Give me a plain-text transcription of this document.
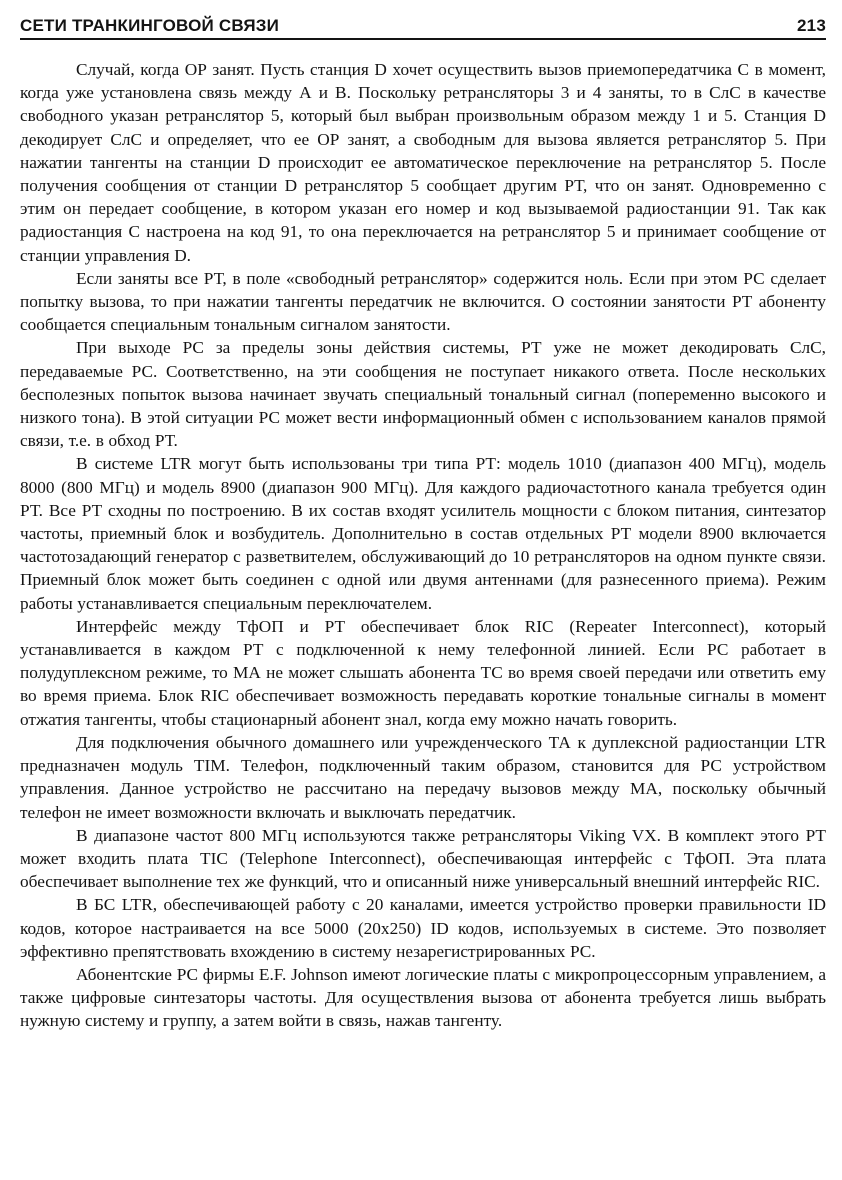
СЕТИ ТРАНКИНГОВОЙ СВЯЗИ	213

Случай, когда ОР занят. Пусть станция D хочет осуществить вызов приемопередатчика С в момент, когда уже установлена связь между А и В. Поскольку ретрансляторы 3 и 4 заняты, то в СлС в качестве свободного указан ретранслятор 5, который был выбран произвольным образом между 1 и 5. Станция D декодирует СлС и определяет, что ее ОР занят, а свободным для вызова является ретранслятор 5. При нажатии тангенты на станции D происходит ее автоматическое переключение на ретранслятор 5. После получения сообщения от станции D ретранслятор 5 сообщает другим РТ, что он занят. Одновременно с этим он передает сообщение, в котором указан его номер и код вызываемой радиостанции 91. Так как радиостанция С настроена на код 91, то она переключается на ретранслятор 5 и принимает сообщение от станции управления D.

Если заняты все РТ, в поле «свободный ретранслятор» содержится ноль. Если при этом РС сделает попытку вызова, то при нажатии тангенты передатчик не включится. О состоянии занятости РТ абоненту сообщается специальным тональным сигналом занятости.

При выходе РС за пределы зоны действия системы, РТ уже не может декодировать СлС, передаваемые РС. Соответственно, на эти сообщения не поступает никакого ответа. После нескольких бесполезных попыток вызова начинает звучать специальный тональный сигнал (попеременно высокого и низкого тона). В этой ситуации РС может вести информационный обмен с использованием каналов прямой связи, т.е. в обход РТ.

В системе LTR могут быть использованы три типа РТ: модель 1010 (диапазон 400 МГц), модель 8000 (800 МГц) и модель 8900 (диапазон 900 МГц). Для каждого радиочастотного канала требуется один РТ. Все РТ сходны по построению. В их состав входят усилитель мощности с блоком питания, синтезатор частоты, приемный блок и возбудитель. Дополнительно в состав отдельных РТ модели 8900 включается частотозадающий генератор с разветвителем, обслуживающий до 10 ретрансляторов на одном пункте связи. Приемный блок может быть соединен с одной или двумя антеннами (для разнесенного приема). Режим работы устанавливается специальным переключателем.

Интерфейс между ТфОП и РТ обеспечивает блок RIC (Repeater Interconnect), который устанавливается в каждом РТ с подключенной к нему телефонной линией. Если РС работает в полудуплексном режиме, то МА не может слышать абонента ТС во время своей передачи или ответить ему во время приема. Блок RIC обеспечивает возможность передавать короткие тональные сигналы в момент отжатия тангенты, чтобы стационарный абонент знал, когда ему можно начать говорить.

Для подключения обычного домашнего или учрежденческого ТА к дуплексной радиостанции LTR предназначен модуль TIM. Телефон, подключенный таким образом, становится для РС устройством управления. Данное устройство не рассчитано на передачу вызовов между МА, поскольку обычный телефон не имеет возможности включать и выключать передатчик.

В диапазоне частот 800 МГц используются также ретрансляторы Viking VX. В комплект этого РТ может входить плата TIC (Telephone Interconnect), обеспечивающая интерфейс с ТфОП. Эта плата обеспечивает выполнение тех же функций, что и описанный ниже универсальный внешний интерфейс RIC.

В БС LTR, обеспечивающей работу с 20 каналами, имеется устройство проверки правильности ID кодов, которое настраивается на все 5000 (20х250) ID кодов, используемых в системе. Это позволяет эффективно препятствовать вхождению в систему незарегистрированных РС.

Абонентские РС фирмы E.F. Johnson имеют логические платы с микропроцессорным управлением, а также цифровые синтезаторы частоты. Для осуществления вызова от абонента требуется лишь выбрать нужную систему и группу, а затем войти в связь, нажав тангенту.
